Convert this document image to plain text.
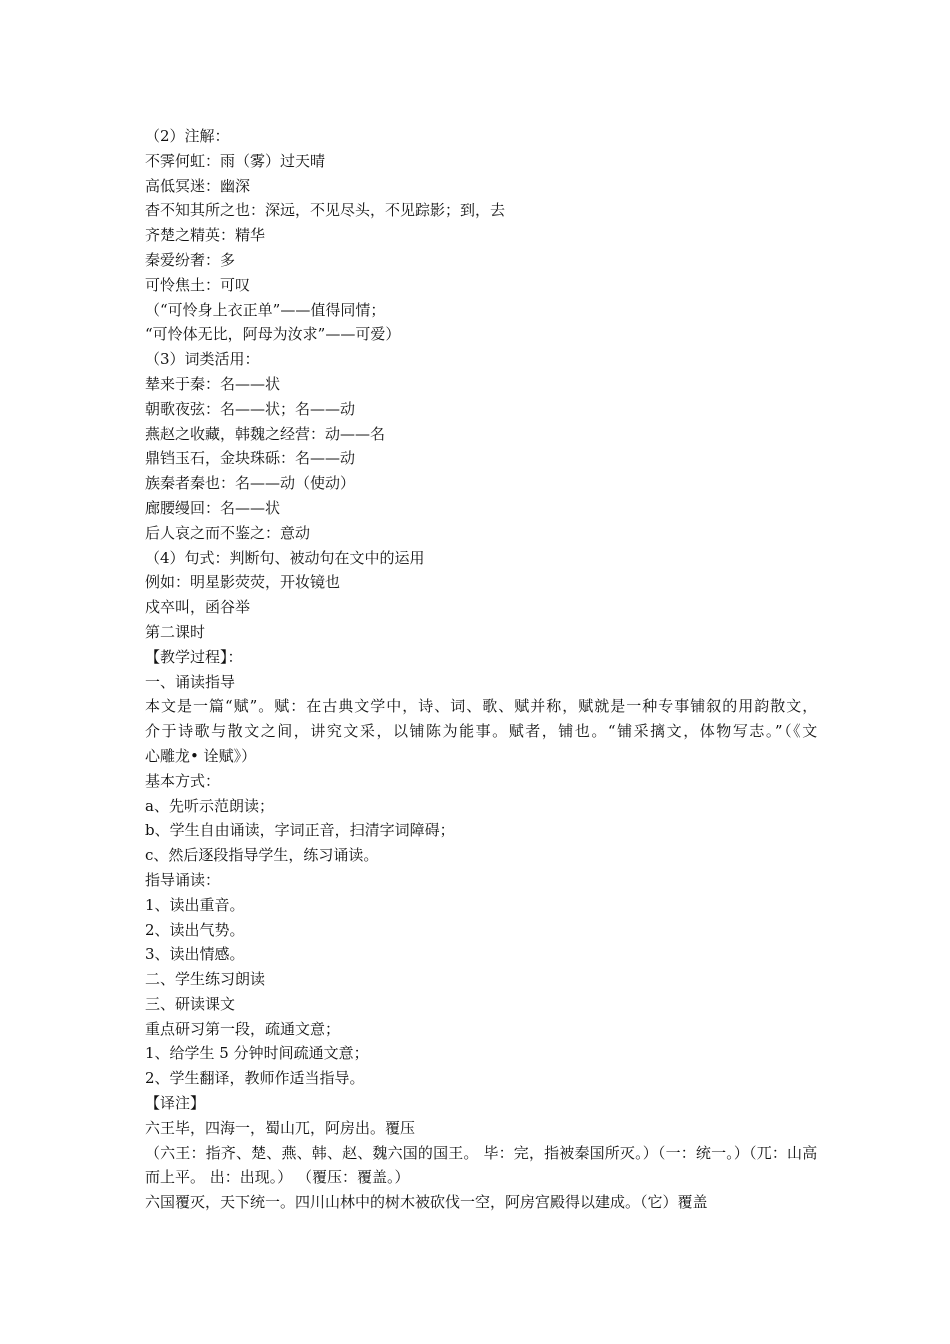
（2）注解：
不霁何虹：雨（雾）过天晴
高低冥迷：幽深
杳不知其所之也：深远，不见尽头，不见踪影；到，去
齐楚之精英：精华
秦爱纷奢：多
可怜焦土：可叹
（“可怜身上衣正单”——值得同情；
“可怜体无比，阿母为汝求”——可爱）
（3）词类活用：
辇来于秦：名——状
朝歌夜弦：名——状；名——动
燕赵之收藏，韩魏之经营：动——名
鼎铛玉石，金块珠砾：名——动
族秦者秦也：名——动（使动）
廊腰缦回：名——状
后人哀之而不鉴之：意动
（4）句式：判断句、被动句在文中的运用
例如：明星影荧荧，开妆镜也
戍卒叫，函谷举
第二课时
【教学过程】：
一、诵读指导
本文是一篇“赋”。赋：在古典文学中，诗、词、歌、赋并称，赋就是一种专事铺叙的用韵散文，
介于诗歌与散文之间，讲究文采，以铺陈为能事。赋者，铺也。“铺采摛文，体物写志。”（《文
心雕龙• 诠赋》）
基本方式：
a、先听示范朗读；
b、学生自由诵读，字词正音，扫清字词障碍；
c、然后逐段指导学生，练习诵读。
指导诵读：
1、读出重音。
2、读出气势。
3、读出情感。
二、学生练习朗读
三、研读课文
重点研习第一段，疏通文意；
1、给学生 5 分钟时间疏通文意；
2、学生翻译，教师作适当指导。
【译注】
六王毕，四海一，蜀山兀，阿房出。覆压
（六王：指齐、楚、燕、韩、赵、魏六国的国王。 毕：完，指被秦国所灭。）（一：统一。）（兀：山高
而上平。 出：出现。） （覆压：覆盖。）
六国覆灭，天下统一。四川山林中的树木被砍伐一空，阿房宫殿得以建成。（它）覆盖
